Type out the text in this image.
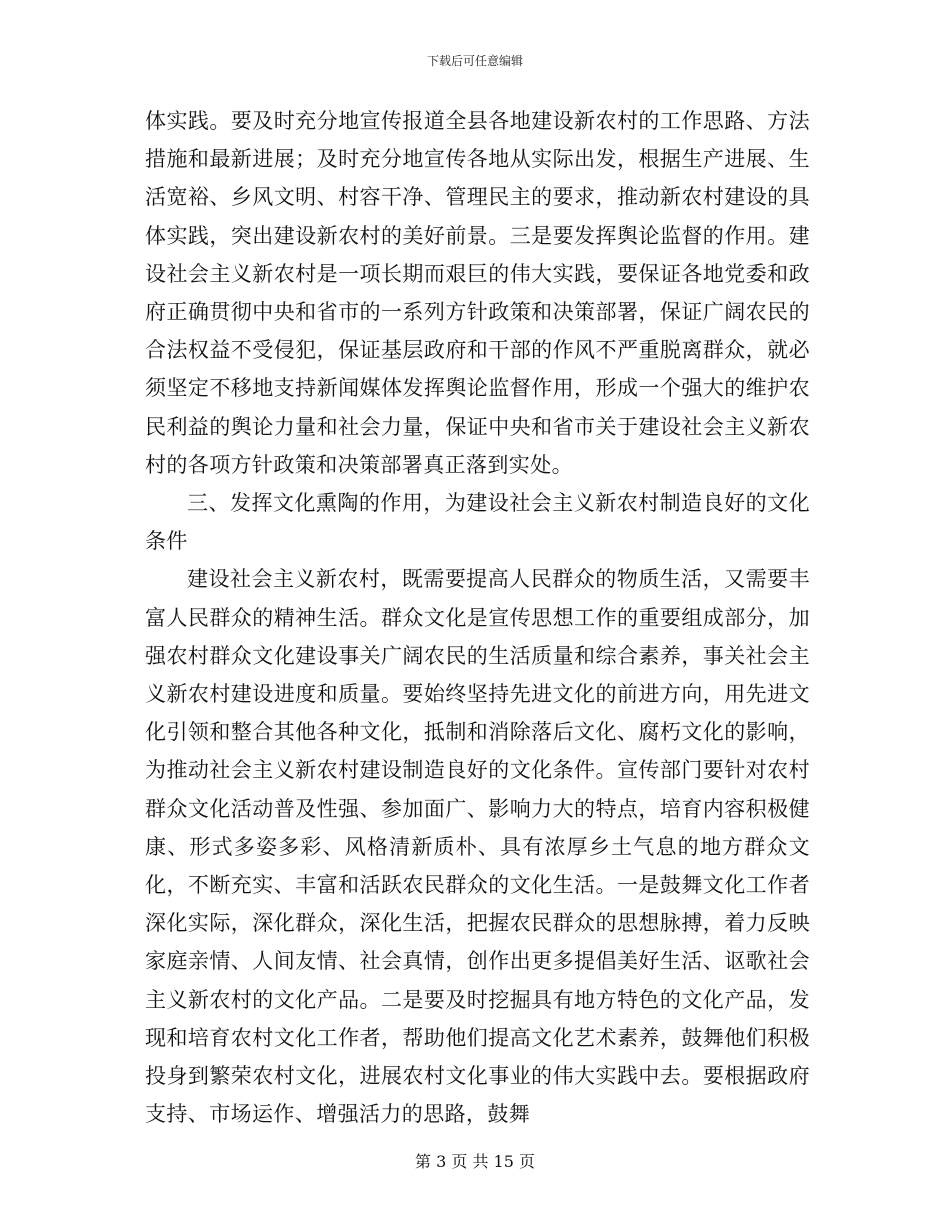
下载后可任意编辑

体实践。要及时充分地宣传报道全县各地建设新农村的工作思路、方法措施和最新进展；及时充分地宣传各地从实际出发，根据生产进展、生活宽裕、乡风文明、村容干净、管理民主的要求，推动新农村建设的具体实践，突出建设新农村的美好前景。三是要发挥舆论监督的作用。建设社会主义新农村是一项长期而艰巨的伟大实践，要保证各地党委和政府正确贯彻中央和省市的一系列方针政策和决策部署，保证广阔农民的合法权益不受侵犯，保证基层政府和干部的作风不严重脱离群众，就必须坚定不移地支持新闻媒体发挥舆论监督作用，形成一个强大的维护农民利益的舆论力量和社会力量，保证中央和省市关于建设社会主义新农村的各项方针政策和决策部署真正落到实处。

三、发挥文化熏陶的作用，为建设社会主义新农村制造良好的文化条件

建设社会主义新农村，既需要提高人民群众的物质生活，又需要丰富人民群众的精神生活。群众文化是宣传思想工作的重要组成部分，加强农村群众文化建设事关广阔农民的生活质量和综合素养，事关社会主义新农村建设进度和质量。要始终坚持先进文化的前进方向，用先进文化引领和整合其他各种文化，抵制和消除落后文化、腐朽文化的影响，为推动社会主义新农村建设制造良好的文化条件。宣传部门要针对农村群众文化活动普及性强、参加面广、影响力大的特点，培育内容积极健康、形式多姿多彩、风格清新质朴、具有浓厚乡土气息的地方群众文化，不断充实、丰富和活跃农民群众的文化生活。一是鼓舞文化工作者深化实际，深化群众，深化生活，把握农民群众的思想脉搏，着力反映家庭亲情、人间友情、社会真情，创作出更多提倡美好生活、讴歌社会主义新农村的文化产品。二是要及时挖掘具有地方特色的文化产品，发现和培育农村文化工作者，帮助他们提高文化艺术素养，鼓舞他们积极投身到繁荣农村文化，进展农村文化事业的伟大实践中去。要根据政府支持、市场运作、增强活力的思路，鼓舞

第 3 页 共 15 页
